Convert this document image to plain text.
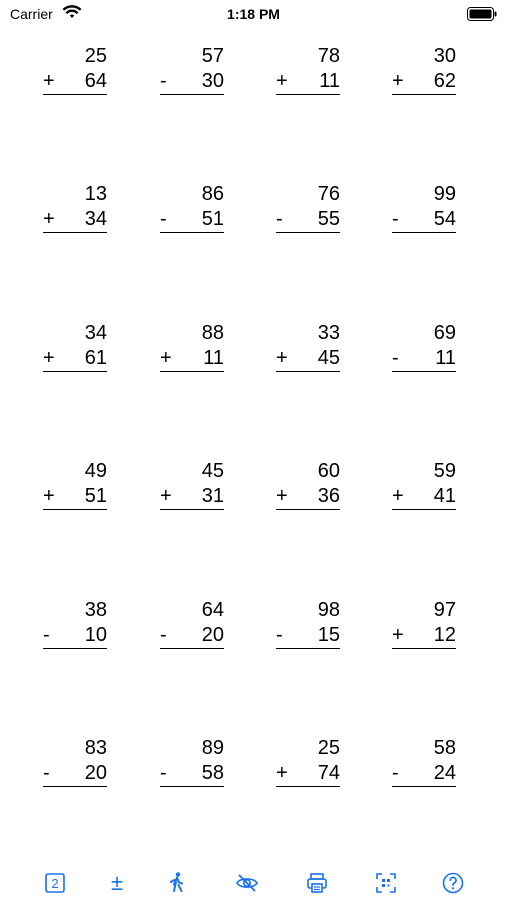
Carrier	1:18 PM
25
+ 64
57
- 30
78
+ 11
30
+ 62
13
+ 34
86
- 51
76
- 55
99
- 54
34
+ 61
88
+ 11
33
+ 45
69
- 11
49
+ 51
45
+ 31
60
+ 36
59
+ 41
38
- 10
64
- 20
98
- 15
97
+ 12
83
- 20
89
- 58
25
+ 74
58
- 24
2 ±
